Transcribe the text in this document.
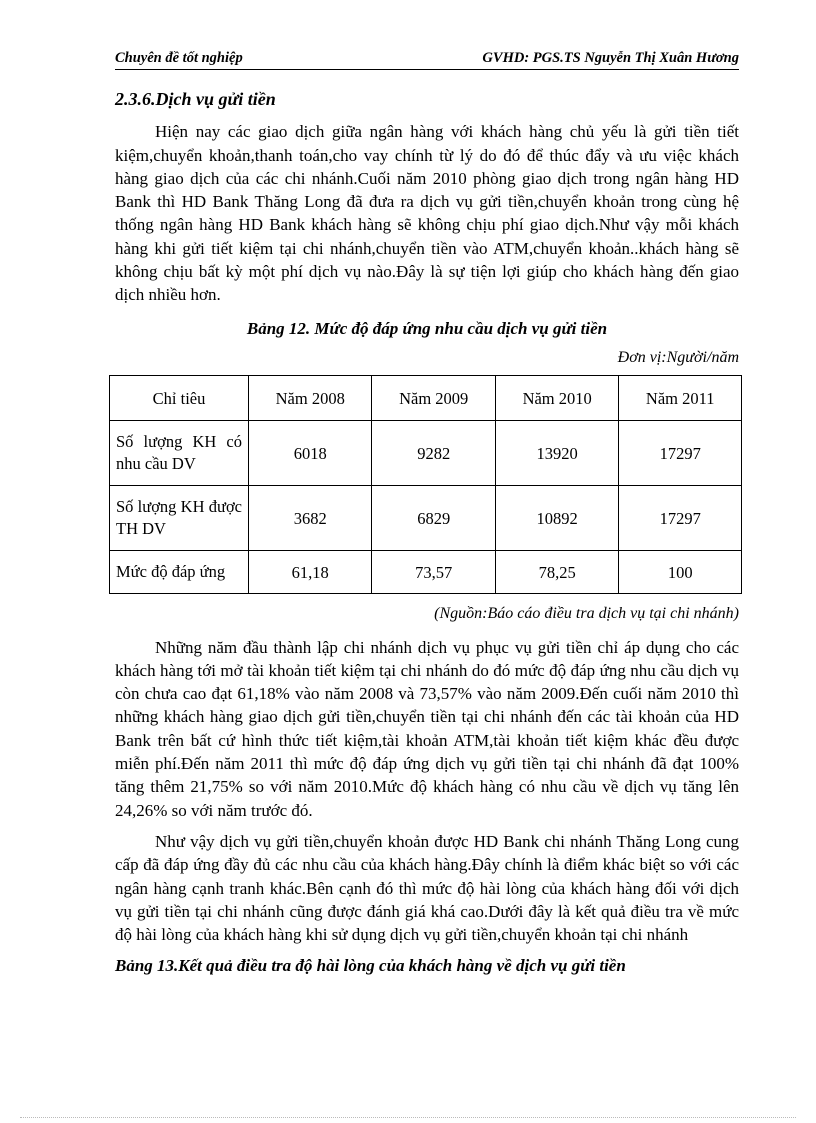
Chuyên đề tốt nghiệp	GVHD: PGS.TS Nguyễn Thị Xuân Hương
2.3.6.Dịch vụ gửi tiền

Hiện nay các giao dịch giữa ngân hàng với khách hàng chủ yếu là gửi tiền tiết kiệm,chuyển khoản,thanh toán,cho vay chính từ lý do đó để thúc đẩy và ưu việc khách hàng giao dịch của các chi nhánh.Cuối năm 2010 phòng giao dịch trong ngân hàng HD Bank thì HD Bank Thăng Long đã đưa ra dịch vụ gửi tiền,chuyển khoản trong cùng hệ thống ngân hàng HD Bank khách hàng sẽ không chịu phí giao dịch.Như vậy mỗi khách hàng khi gửi tiết kiệm tại chi nhánh,chuyển tiền vào ATM,chuyển khoản..khách hàng sẽ không chịu bất kỳ một phí dịch vụ nào.Đây là sự tiện lợi giúp cho khách hàng đến giao dịch nhiều hơn.

Bảng 12. Mức độ đáp ứng nhu cầu dịch vụ gửi tiền
Đơn vị:Người/năm
Chỉ tiêu	Năm 2008	Năm 2009	Năm 2010	Năm 2011
Số lượng KH có nhu cầu DV	6018	9282	13920	17297
Số lượng KH được TH DV	3682	6829	10892	17297
Mức độ đáp ứng	61,18	73,57	78,25	100
(Nguồn:Báo cáo điều tra dịch vụ tại chi nhánh)

Những năm đầu thành lập chi nhánh dịch vụ phục vụ gửi tiền chỉ áp dụng cho các khách hàng tới mở tài khoản tiết kiệm tại chi nhánh do đó mức độ đáp ứng nhu cầu dịch vụ còn chưa cao đạt 61,18% vào năm 2008 và 73,57% vào năm 2009.Đến cuối năm 2010 thì những khách hàng giao dịch gửi tiền,chuyển tiền tại chi nhánh đến các tài khoản của HD Bank trên bất cứ hình thức tiết kiệm,tài khoản ATM,tài khoản tiết kiệm khác đều được miễn phí.Đến năm 2011 thì mức độ đáp ứng dịch vụ gửi tiền tại chi nhánh đã đạt 100% tăng thêm 21,75% so với năm 2010.Mức độ khách hàng có nhu cầu về dịch vụ tăng lên 24,26% so với năm trước đó.

Như vậy dịch vụ gửi tiền,chuyển khoản được HD Bank chi nhánh Thăng Long cung cấp đã đáp ứng đầy đủ các nhu cầu của khách hàng.Đây chính là điểm khác biệt so với các ngân hàng cạnh tranh khác.Bên cạnh đó thì mức độ hài lòng của khách hàng đối với dịch vụ gửi tiền tại chi nhánh cũng được đánh giá khá cao.Dưới đây là kết quả điều tra về mức độ hài lòng của khách hàng khi sử dụng dịch vụ gửi tiền,chuyển khoản tại chi nhánh

Bảng 13.Kết quả điều tra độ hài lòng của khách hàng về dịch vụ gửi tiền
